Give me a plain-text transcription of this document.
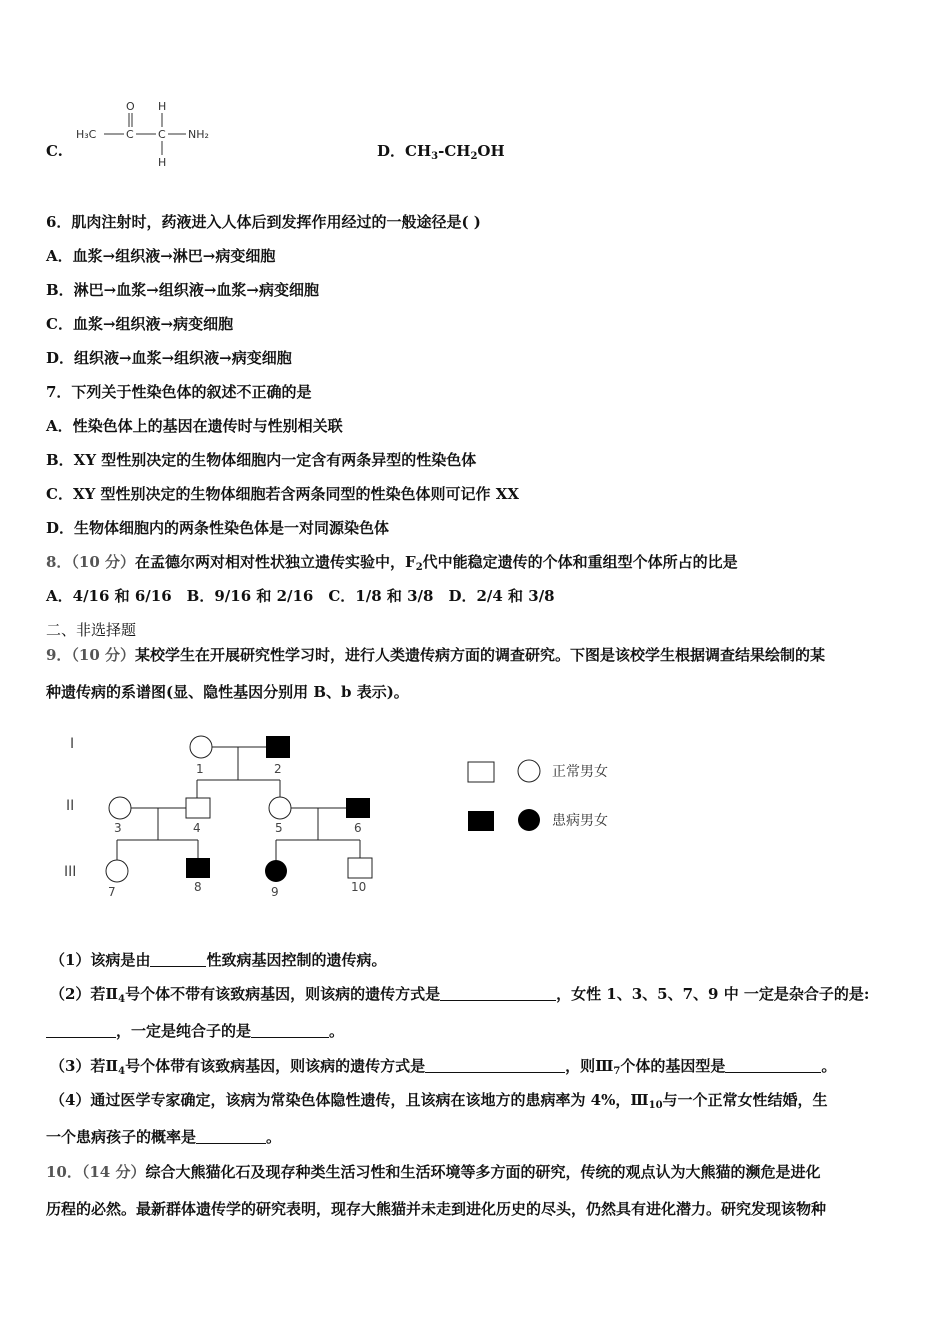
C.
H₃C	C
O
C
H
H
NH₂
D．$CH_3-CH_2OH$
6．肌肉注射时，药液进入人体后到发挥作用经过的一般途径是( )
A．血浆→组织液→淋巴→病变细胞
B．淋巴→血浆→组织液→血浆→病变细胞
C．血浆→组织液→病变细胞
D．组织液→血浆→组织液→病变细胞
7．下列关于性染色体的叙述不正确的是
A．性染色体上的基因在遗传时与性别相关联
B．XY 型性别决定的生物体细胞内一定含有两条异型的性染色体
C．XY 型性别决定的生物体细胞若含两条同型的性染色体则可记作 XX
D．生物体细胞内的两条性染色体是一对同源染色体
8．（10 分）在孟德尔两对相对性状独立遗传实验中，$F_2$代中能稳定遗传的个体和重组型个体所占的比是
A．4/16 和 6/16　B．9/16 和 2/16　C．1/8 和 3/8　D．2/4 和 3/8
二、非选择题
9．（10 分）某校学生在开展研究性学习时，进行人类遗传病方面的调查研究。下图是该校学生根据调查结果绘制的某
种遗传病的系谱图(显、隐性基因分别用 B、b 表示)。
I
II
III
1	2
3	4	5	6
7	8	9	10
正常男女
患病男女
（1）该病是由	性致病基因控制的遗传病。
（2）若$Ⅱ_4$号个体不带有该致病基因，则该病的遗传方式是	，女性 1、3、5、7、9 中 一定是杂合子的是:
，一定是纯合子的是	。
（3）若$Ⅱ_4$号个体带有该致病基因，则该病的遗传方式是	，则$Ⅲ_7$个体的基因型是	。
（4）通过医学专家确定，该病为常染色体隐性遗传，且该病在该地方的患病率为 4%，$Ⅲ_{10}$与一个正常女性结婚，生
一个患病孩子的概率是	。
10．（14 分）综合大熊猫化石及现存种类生活习性和生活环境等多方面的研究，传统的观点认为大熊猫的濒危是进化
历程的必然。最新群体遗传学的研究表明，现存大熊猫并未走到进化历史的尽头，仍然具有进化潜力。研究发现该物种
